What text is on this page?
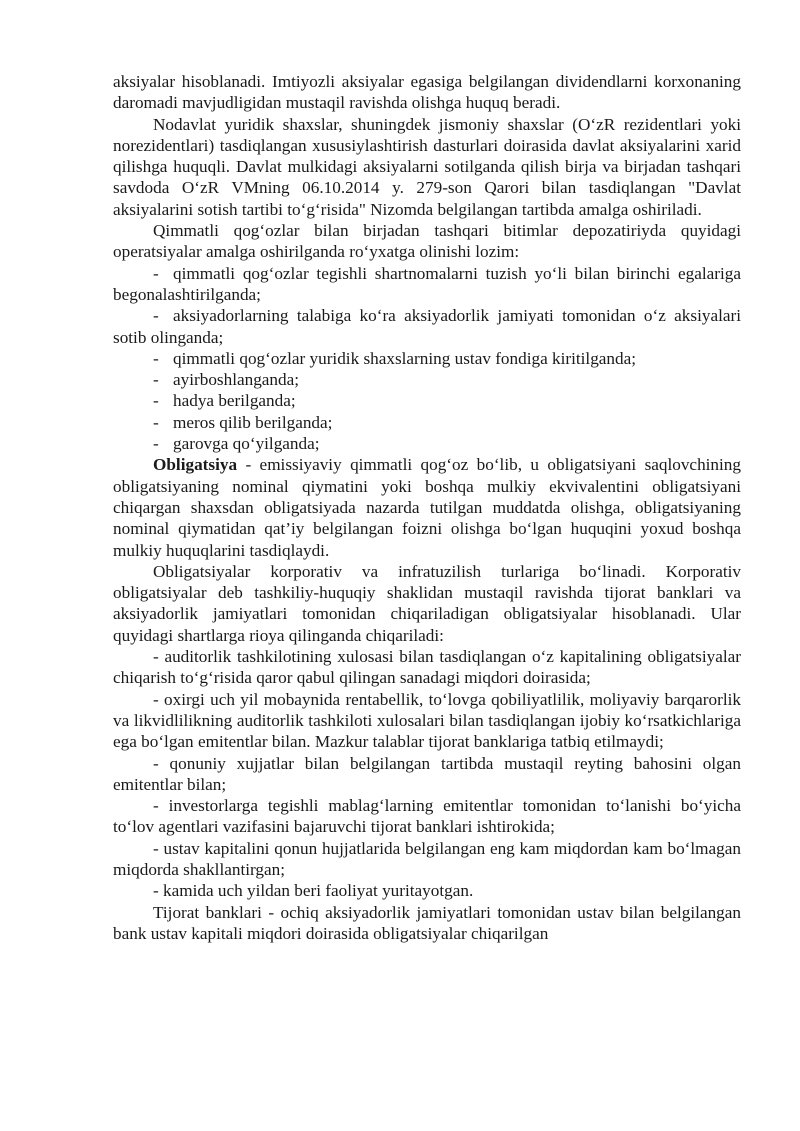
aksiyalar hisoblanadi. Imtiyozli aksiyalar egasiga belgilangan dividendlarni korxonaning daromadi mavjudligidan mustaqil ravishda olishga huquq beradi.

Nodavlat yuridik shaxslar, shuningdek jismoniy shaxslar (O‘zR rezidentlari yoki norezidentlari) tasdiqlangan xususiylashtirish dasturlari doirasida davlat aksiyalarini xarid qilishga huquqli. Davlat mulkidagi aksiyalarni sotilganda qilish birja va birjadan tashqari savdoda O‘zR VMning 06.10.2014 y. 279-son Qarori bilan tasdiqlangan "Davlat aksiyalarini sotish tartibi to‘g‘risida" Nizomda belgilangan tartibda amalga oshiriladi.

Qimmatli qog‘ozlar bilan birjadan tashqari bitimlar depozatiriyda quyidagi operatsiyalar amalga oshirilganda ro‘yxatga olinishi lozim:

- qimmatli qog‘ozlar tegishli shartnomalarni tuzish yo‘li bilan birinchi egalariga begonalashtirilganda;

- aksiyadorlarning talabiga ko‘ra aksiyadorlik jamiyati tomonidan o‘z aksiyalari sotib olinganda;

- qimmatli qog‘ozlar yuridik shaxslarning ustav fondiga kiritilganda;

- ayirboshlanganda;

- hadya berilganda;

- meros qilib berilganda;

- garovga qo‘yilganda;

Obligatsiya - emissiyaviy qimmatli qog‘oz bo‘lib, u obligatsiyani saqlovchining obligatsiyaning nominal qiymatini yoki boshqa mulkiy ekvivalentini obligatsiyani chiqargan shaxsdan obligatsiyada nazarda tutilgan muddatda olishga, obligatsiyaning nominal qiymatidan qat’iy belgilangan foizni olishga bo‘lgan huquqini yoxud boshqa mulkiy huquqlarini tasdiqlaydi.

Obligatsiyalar korporativ va infratuzilish turlariga bo‘linadi. Korporativ obligatsiyalar deb tashkiliy-huquqiy shaklidan mustaqil ravishda tijorat banklari va aksiyadorlik jamiyatlari tomonidan chiqariladigan obligatsiyalar hisoblanadi. Ular quyidagi shartlarga rioya qilinganda chiqariladi:

- auditorlik tashkilotining xulosasi bilan tasdiqlangan o‘z kapitalining obligatsiyalar chiqarish to‘g‘risida qaror qabul qilingan sanadagi miqdori doirasida;

- oxirgi uch yil mobaynida rentabellik, to‘lovga qobiliyatlilik, moliyaviy barqarorlik va likvidlilikning auditorlik tashkiloti xulosalari bilan tasdiqlangan ijobiy ko‘rsatkichlariga ega bo‘lgan emitentlar bilan. Mazkur talablar tijorat banklariga tatbiq etilmaydi;

- qonuniy xujjatlar bilan belgilangan tartibda mustaqil reyting bahosini olgan emitentlar bilan;

- investorlarga tegishli mablag‘larning emitentlar tomonidan to‘lanishi bo‘yicha to‘lov agentlari vazifasini bajaruvchi tijorat banklari ishtirokida;

- ustav kapitalini qonun hujjatlarida belgilangan eng kam miqdordan kam bo‘lmagan miqdorda shakllantirgan;

- kamida uch yildan beri faoliyat yuritayotgan.

Tijorat banklari - ochiq aksiyadorlik jamiyatlari tomonidan ustav bilan belgilangan bank ustav kapitali miqdori doirasida obligatsiyalar chiqarilgan
